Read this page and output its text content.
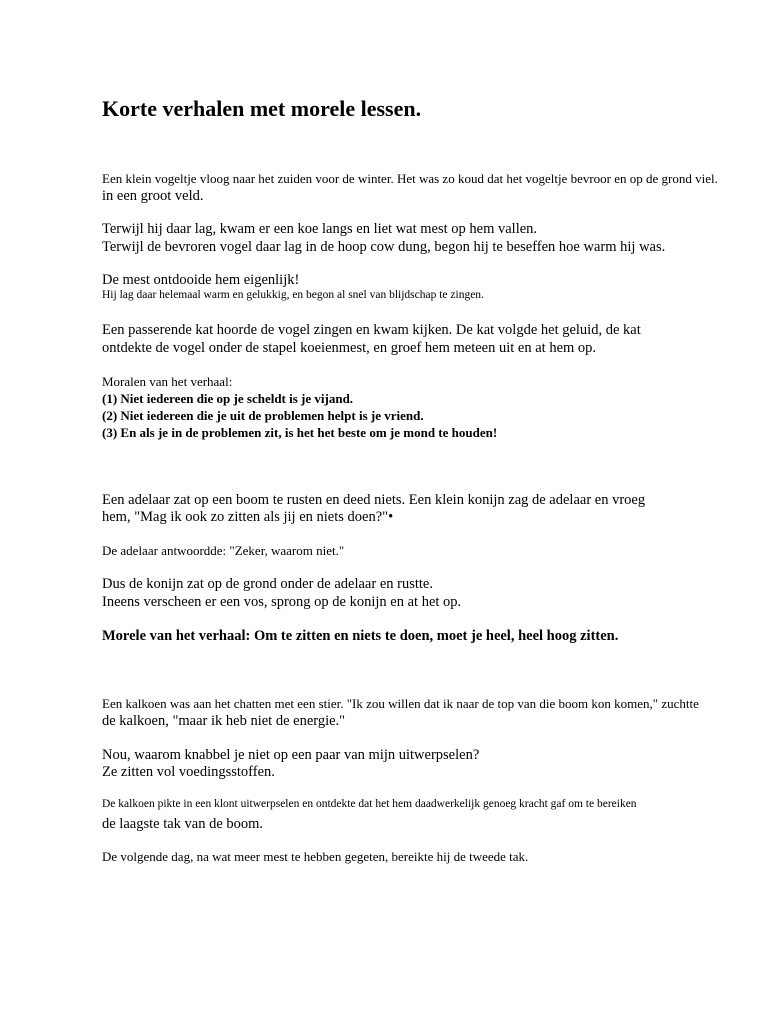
Korte verhalen met morele lessen.
Een klein vogeltje vloog naar het zuiden voor de winter. Het was zo koud dat het vogeltje bevroor en op de grond viel.
in een groot veld.
Terwijl hij daar lag, kwam er een koe langs en liet wat mest op hem vallen.
Terwijl de bevroren vogel daar lag in de hoop cow dung, begon hij te beseffen hoe warm hij was.
De mest ontdooide hem eigenlijk!
Hij lag daar helemaal warm en gelukkig, en begon al snel van blijdschap te zingen.
Een passerende kat hoorde de vogel zingen en kwam kijken. De kat volgde het geluid, de kat
ontdekte de vogel onder de stapel koeienmest, en groef hem meteen uit en at hem op.
Moralen van het verhaal:
(1) Niet iedereen die op je scheldt is je vijand.
(2) Niet iedereen die je uit de problemen helpt is je vriend.
(3) En als je in de problemen zit, is het het beste om je mond te houden!
Een adelaar zat op een boom te rusten en deed niets. Een klein konijn zag de adelaar en vroeg
hem, "Mag ik ook zo zitten als jij en niets doen?"•
De adelaar antwoordde: "Zeker, waarom niet."
Dus de konijn zat op de grond onder de adelaar en rustte.
Ineens verscheen er een vos, sprong op de konijn en at het op.
Morele van het verhaal: Om te zitten en niets te doen, moet je heel, heel hoog zitten.
Een kalkoen was aan het chatten met een stier. "Ik zou willen dat ik naar de top van die boom kon komen," zuchtte
de kalkoen, "maar ik heb niet de energie."
Nou, waarom knabbel je niet op een paar van mijn uitwerpselen?
Ze zitten vol voedingsstoffen.
De kalkoen pikte in een klont uitwerpselen en ontdekte dat het hem daadwerkelijk genoeg kracht gaf om te bereiken
de laagste tak van de boom.
De volgende dag, na wat meer mest te hebben gegeten, bereikte hij de tweede tak.
